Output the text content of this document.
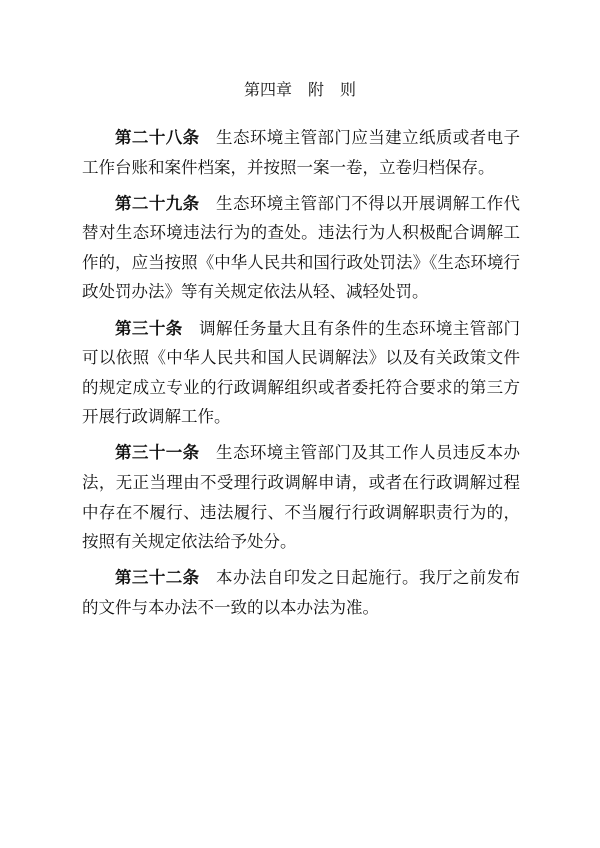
第四章　附　则

第二十八条 生态环境主管部门应当建立纸质或者电子工作台账和案件档案，并按照一案一卷，立卷归档保存。

第二十九条 生态环境主管部门不得以开展调解工作代替对生态环境违法行为的查处。违法行为人积极配合调解工作的，应当按照《中华人民共和国行政处罚法》《生态环境行政处罚办法》等有关规定依法从轻、减轻处罚。

第三十条 调解任务量大且有条件的生态环境主管部门可以依照《中华人民共和国人民调解法》以及有关政策文件的规定成立专业的行政调解组织或者委托符合要求的第三方开展行政调解工作。

第三十一条 生态环境主管部门及其工作人员违反本办法，无正当理由不受理行政调解申请，或者在行政调解过程中存在不履行、违法履行、不当履行行政调解职责行为的，按照有关规定依法给予处分。

第三十二条 本办法自印发之日起施行。我厅之前发布的文件与本办法不一致的以本办法为准。
